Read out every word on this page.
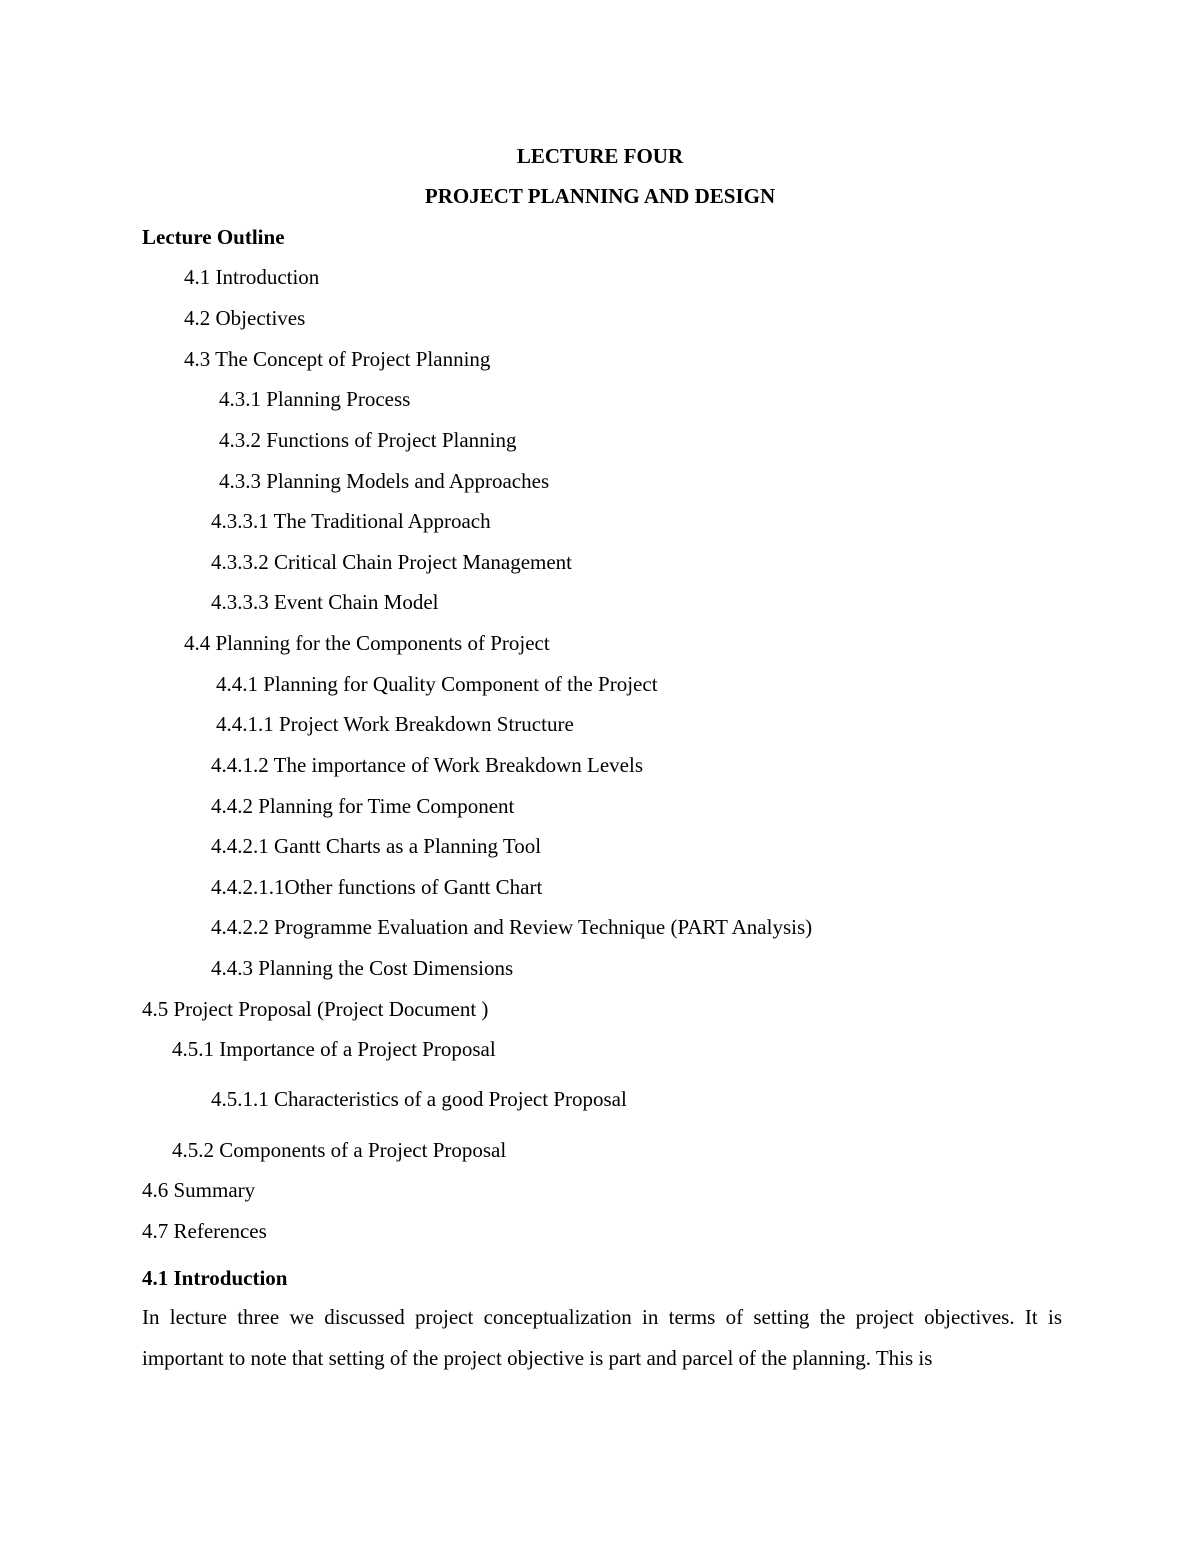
LECTURE FOUR
PROJECT PLANNING AND DESIGN
Lecture Outline
4.1 Introduction
4.2 Objectives
4.3 The Concept of Project Planning
4.3.1 Planning Process
4.3.2 Functions of Project Planning
4.3.3 Planning Models and Approaches
4.3.3.1 The Traditional Approach
4.3.3.2 Critical Chain Project Management
4.3.3.3 Event Chain Model
4.4 Planning for the Components of Project
4.4.1 Planning for Quality Component of the Project
4.4.1.1 Project Work Breakdown Structure
4.4.1.2 The importance of Work Breakdown Levels
4.4.2 Planning for Time Component
4.4.2.1 Gantt Charts as a Planning Tool
4.4.2.1.1Other functions of Gantt Chart
4.4.2.2 Programme Evaluation and Review Technique (PART Analysis)
4.4.3 Planning the Cost Dimensions
4.5 Project Proposal (Project Document )
4.5.1 Importance of a Project Proposal
4.5.1.1 Characteristics of a good Project Proposal
4.5.2 Components of a Project Proposal
4.6 Summary
4.7 References
4.1 Introduction

In lecture three we discussed project conceptualization in terms of setting the project objectives. It is important to note that setting of the project objective is part and parcel of the planning. This is
